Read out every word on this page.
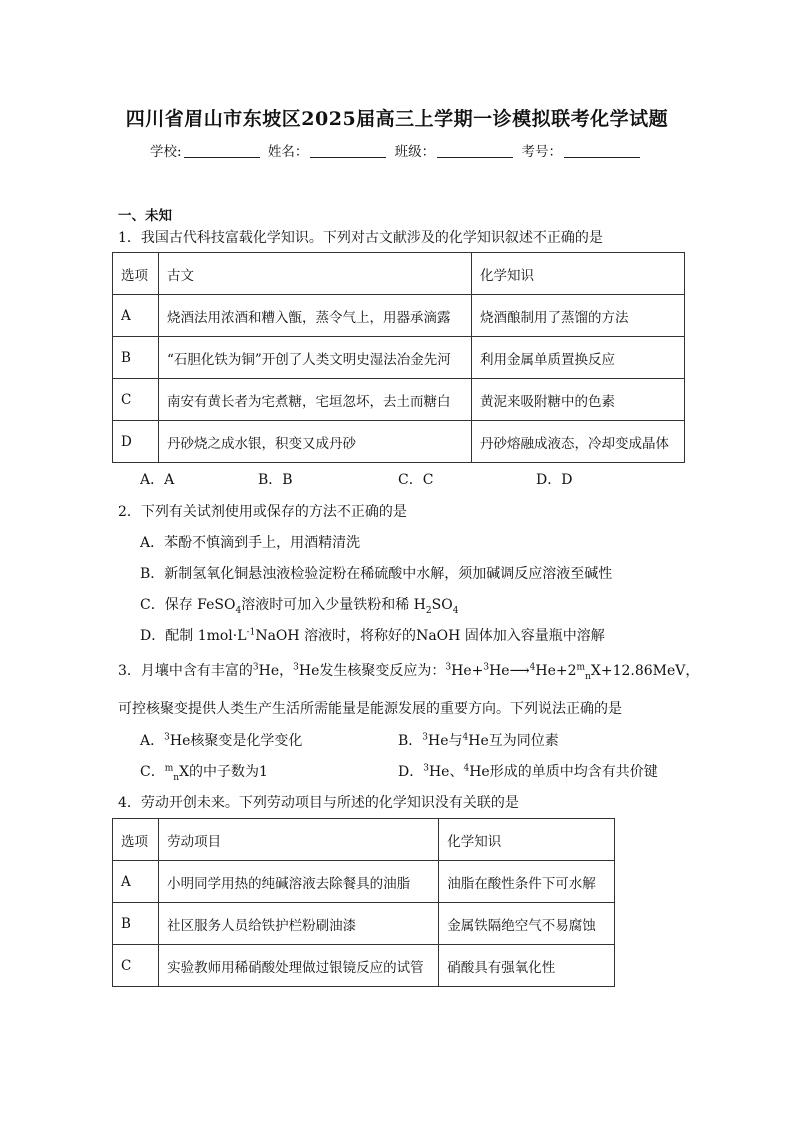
四川省眉山市东坡区2025届高三上学期一诊模拟联考化学试题
学校:	姓名：	班级：	考号：
一、未知
1．我国古代科技富载化学知识。下列对古文献涉及的化学知识叙述不正确的是
选项	古文	化学知识
A	烧酒法用浓酒和糟入甑，蒸令气上，用器承滴露	烧酒酿制用了蒸馏的方法
B	“石胆化铁为铜”开创了人类文明史湿法冶金先河	利用金属单质置换反应
C	南安有黄长者为宅煮糖，宅垣忽坏，去土而糖白	黄泥来吸附糖中的色素
D	丹砂烧之成水银，积变又成丹砂	丹砂熔融成液态，冷却变成晶体
A．A	B．B	C．C	D．D
2．下列有关试剂使用或保存的方法不正确的是
A．苯酚不慎滴到手上，用酒精清洗
B．新制氢氧化铜悬浊液检验淀粉在稀硫酸中水解，须加碱调反应溶液至碱性
C．保存 FeSO$_4$溶液时可加入少量铁粉和稀 $H_2SO_4$
D．配制 $1mol\cdot L^{-1}NaOH$ 溶液时，将称好的NaOH 固体加入容量瓶中溶解
3．月壤中含有丰富的$^3$He，$^3$He发生核聚变反应为：$^3He+^3He⟶^4He+2^m_nX+12.86MeV$，
可控核聚变提供人类生产生活所需能量是能源发展的重要方向。下列说法正确的是
A．$^3$He核聚变是化学变化	B．$^3$He与$^4$He互为同位素
C．$^m_n$X的中子数为1	D．$^3$He、$^4$He形成的单质中均含有共价键
4．劳动开创未来。下列劳动项目与所述的化学知识没有关联的是
选项	劳动项目	化学知识
A	小明同学用热的纯碱溶液去除餐具的油脂	油脂在酸性条件下可水解
B	社区服务人员给铁护栏粉刷油漆	金属铁隔绝空气不易腐蚀
C	实验教师用稀硝酸处理做过银镜反应的试管	硝酸具有强氧化性
